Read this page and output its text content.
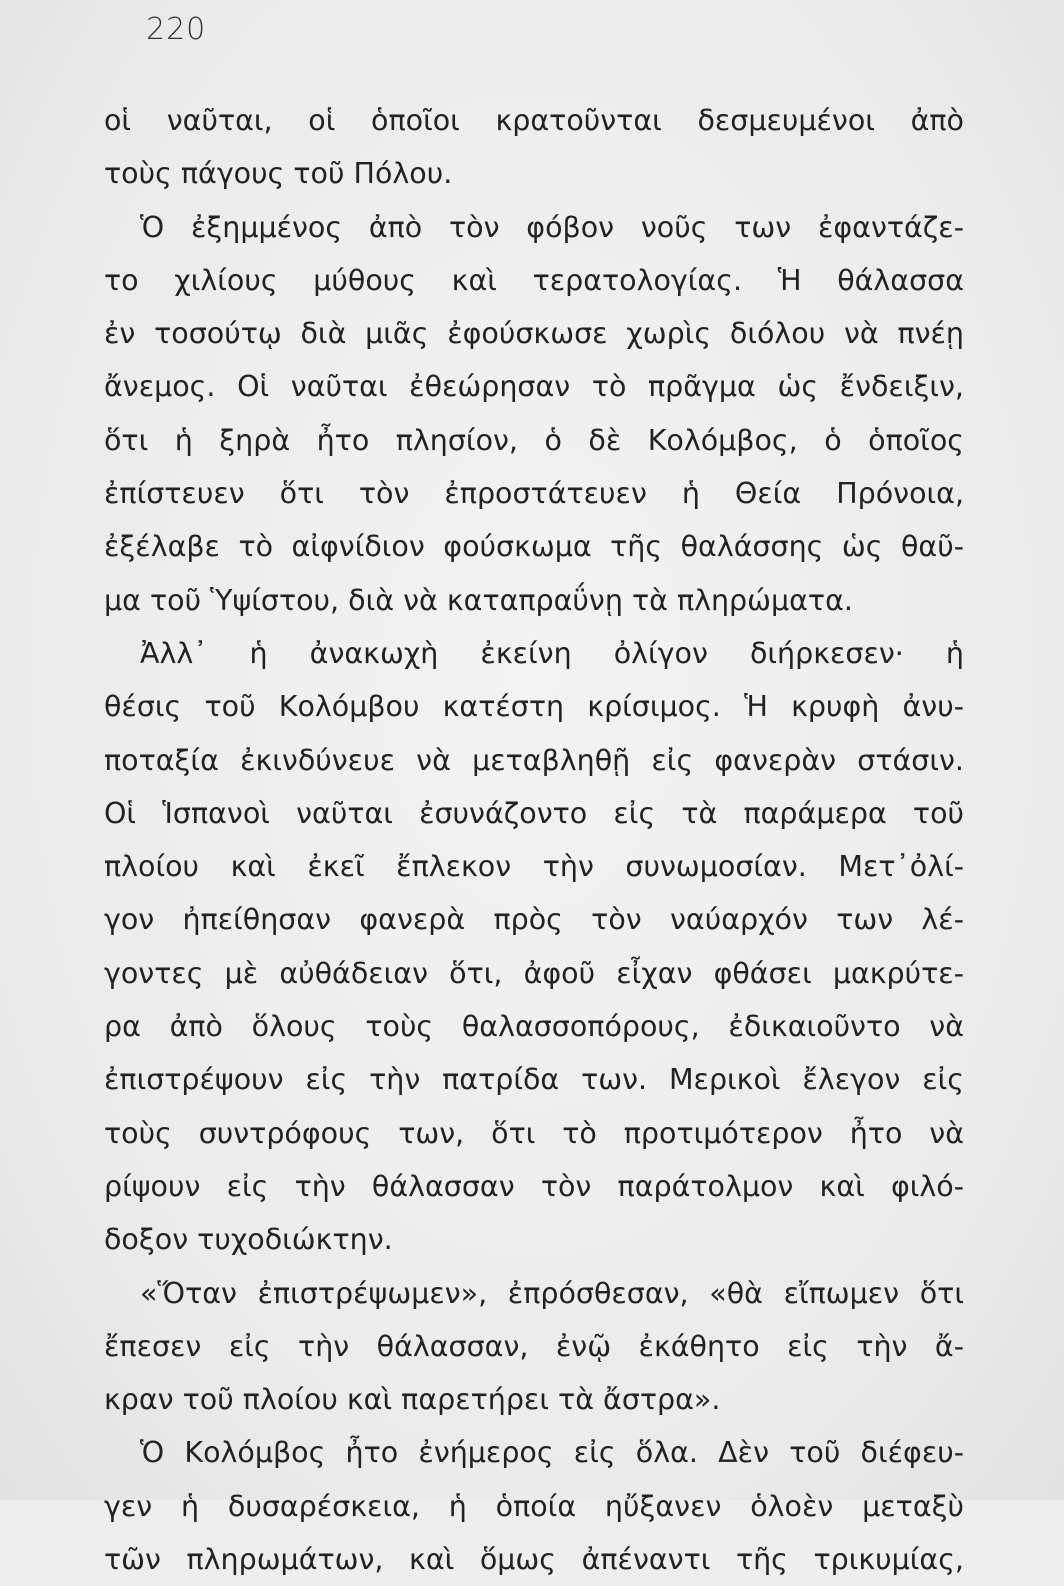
220
οἱ ναῦται, οἱ ὁποῖοι κρατοῦνται δεσμευμένοι ἀπὸ
τοὺς πάγους τοῦ Πόλου.
Ὁ ἐξημμένος ἀπὸ τὸν φόβον νοῦς των ἐφαντάζε-
το χιλίους μύθους καὶ τερατολογίας. Ἡ θάλασσα
ἐν τοσούτῳ διὰ μιᾶς ἐφούσκωσε χωρὶς διόλου νὰ πνέῃ
ἄνεμος. Οἱ ναῦται ἐθεώρησαν τὸ πρᾶγμα ὡς ἔνδειξιν,
ὅτι ἡ ξηρὰ ἦτο πλησίον, ὁ δὲ Κολόμβος, ὁ ὁποῖος
ἐπίστευεν ὅτι τὸν ἐπροστάτευεν ἡ Θεία Πρόνοια,
ἐξέλαβε τὸ αἰφνίδιον φούσκωμα τῆς θαλάσσης ὡς θαῦ-
μα τοῦ Ὑψίστου, διὰ νὰ καταπραΰνῃ τὰ πληρώματα.
Ἀλλ᾽ ἡ ἀνακωχὴ ἐκείνη ὀλίγον διήρκεσεν· ἡ
θέσις τοῦ Κολόμβου κατέστη κρίσιμος. Ἡ κρυφὴ ἀνυ-
ποταξία ἐκινδύνευε νὰ μεταβληθῇ εἰς φανερὰν στάσιν.
Οἱ Ἱσπανοὶ ναῦται ἐσυνάζοντο εἰς τὰ παράμερα τοῦ
πλοίου καὶ ἐκεῖ ἔπλεκον τὴν συνωμοσίαν. Μετ᾽ὀλί-
γον ἠπείθησαν φανερὰ πρὸς τὸν ναύαρχόν των λέ-
γοντες μὲ αὐθάδειαν ὅτι, ἀφοῦ εἶχαν φθάσει μακρύτε-
ρα ἀπὸ ὅλους τοὺς θαλασσοπόρους, ἐδικαιοῦντο νὰ
ἐπιστρέψουν εἰς τὴν πατρίδα των. Μερικοὶ ἔλεγον εἰς
τοὺς συντρόφους των, ὅτι τὸ προτιμότερον ἦτο νὰ
ρίψουν εἰς τὴν θάλασσαν τὸν παράτολμον καὶ φιλό-
δοξον τυχοδιώκτην.
«Ὅταν ἐπιστρέψωμεν», ἐπρόσθεσαν, «θὰ εἴπωμεν ὅτι
ἔπεσεν εἰς τὴν θάλασσαν, ἐνῷ ἐκάθητο εἰς τὴν ἄ-
κραν τοῦ πλοίου καὶ παρετήρει τὰ ἄστρα».
Ὁ Κολόμβος ἦτο ἐνήμερος εἰς ὅλα. Δὲν τοῦ διέφευ-
γεν ἡ δυσαρέσκεια, ἡ ὁποία ηὔξανεν ὁλοὲν μεταξὺ
τῶν πληρωμάτων, καὶ ὅμως ἀπέναντι τῆς τρικυμίας,
